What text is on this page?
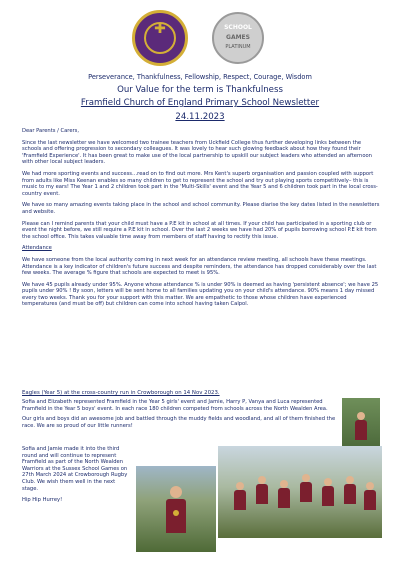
✚	SCHOOL
GAMES
PLATINUM
Perseverance, Thankfulness, Fellowship, Respect, Courage, Wisdom
Our Value for the term is Thankfulness
Framfield Church of England Primary School Newsletter
24.11.2023

Dear Parents / Carers,

Since the last newsletter we have welcomed two trainee teachers from Uckfield College thus further developing links between the schools and offering progression to secondary colleagues. It was lovely to hear such glowing feedback about how they found their 'Framfield Experience'. It has been great to make use of the local partnership to upskill our subject leaders who attended an afternoon with other local subject leaders.

We had more sporting events and success…read on to find out more. Mrs Kent's superb organisation and passion coupled with support from adults like Miss Keenan enables so many children to get to represent the school and try out playing sports competitively– this is music to my ears! The Year 1 and 2 children took part in the 'Multi-Skills' event and the Year 5 and 6 children took part in the local cross-country event.

We have so many amazing events taking place in the school and school community. Please diarise the key dates listed in the newsletters and website.

Please can I remind parents that your child must have a P.E kit in school at all times. If your child has participated in a sporting club or event the night before, we still require a P.E kit in school. Over the last 2 weeks we have had 20% of pupils borrowing school P.E kit from the school office. This takes valuable time away from members of staff having to rectify this issue.

Attendance

We have someone from the local authority coming in next week for an attendance review meeting, all schools have these meetings. Attendance is a key indicator of children's future success and despite reminders, the attendance has dropped considerably over the last few weeks. The average % figure that schools are expected to meet is 95%.

We have 45 pupils already under 95%. Anyone whose attendance % is under 90% is deemed as having 'persistent absence'; we have 25 pupils under 90% ! By soon, letters will be sent home to all families updating you on your child's attendance. 90% means 1 day missed every two weeks. Thank you for your support with this matter. We are empathetic to those whose children have experienced temperatures (and must be off) but children can come into school having taken Calpol.

Eagles (Year 5) at the cross-country run in Crowborough on 14 Nov 2023.

Sofia and Elizabeth represented Framfield in the Year 5 girls' event and Jamie, Harry P, Vanya and Luca represented Framfield in the Year 5 boys' event. In each race 180 children competed from schools across the North Wealden Area.

Our girls and boys did an awesome job and battled through the muddy fields and woodland, and all of them finished the race. We are so proud of our little runners!

Sofia and Jamie made it into the third round and will continue to represent Framfield as part of the North Wealden Warriors at the Sussex School Games on 27th March 2024 at Crowborough Rugby Club. We wish them well in the next stage.

Hip Hip Hurrey!
